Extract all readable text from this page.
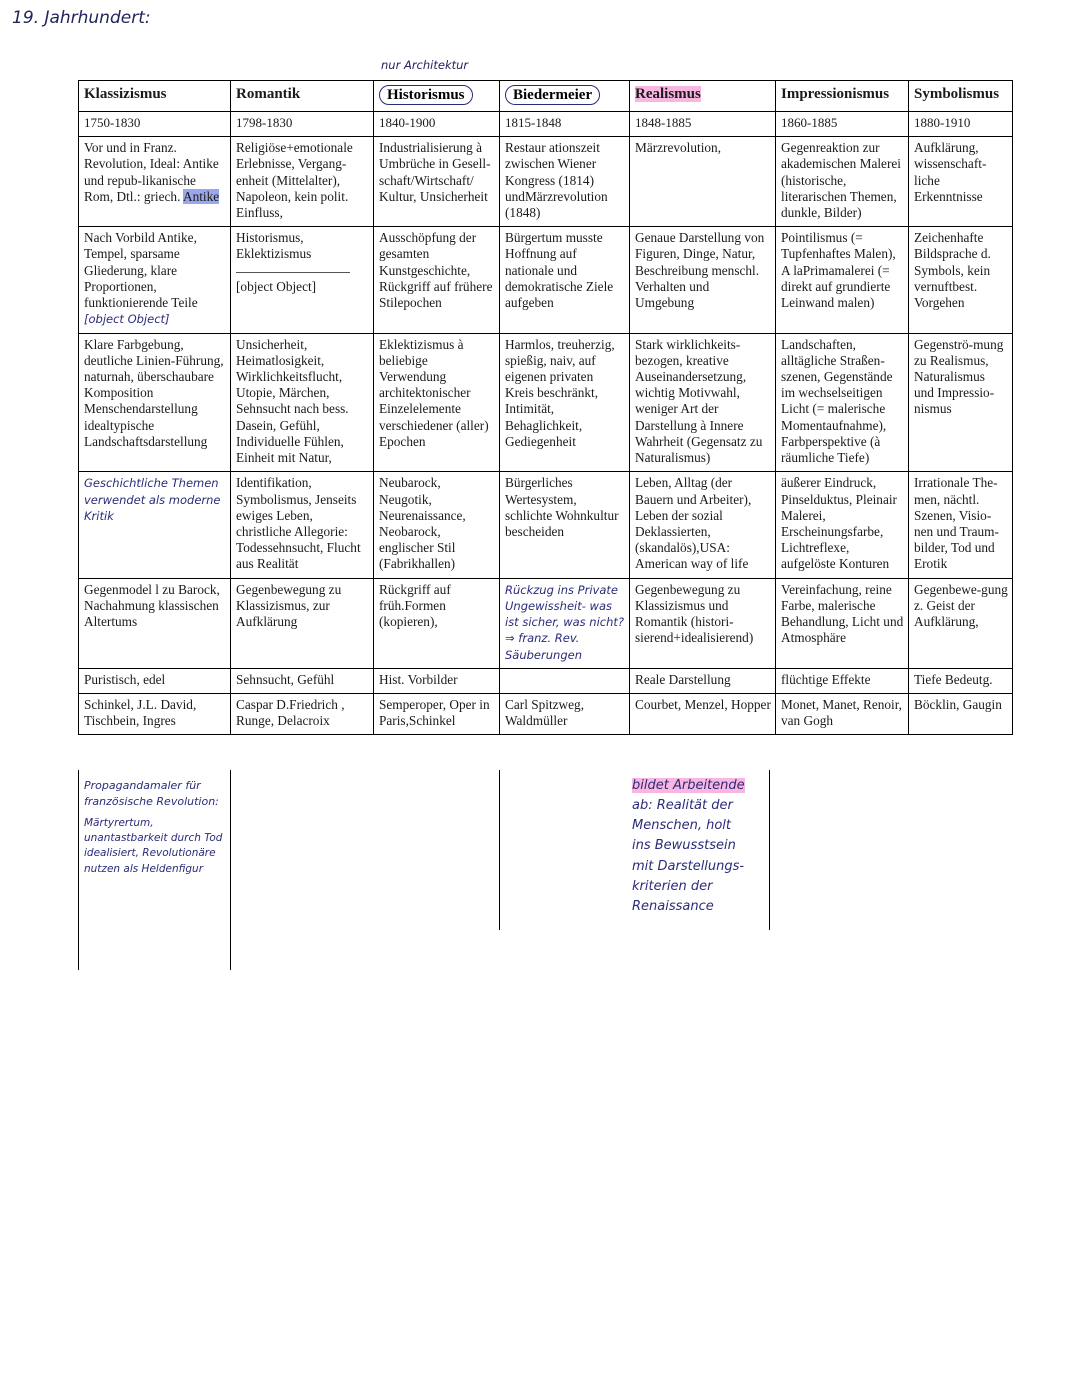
19. Jahrhundert:
nur Architektur
Klassizismus	Romantik	Historismus	Biedermeier	Realismus	Impressionismus	Symbolismus
1750-1830	1798-1830	1840-1900	1815-1848	1848-1885	1860-1885	1880-1910
Vor und in Franz. Revolution, Ideal: Antike und repub-likanische Rom, Dtl.: griech. Antike	Religiöse+emotionale Erlebnisse, Vergang-enheit (Mittelalter), Napoleon, kein polit. Einfluss,	Industrialisierung à Umbrüche in Gesell-schaft/Wirtschaft/ Kultur, Unsicherheit	Restaur ationszeit zwischen Wiener Kongress (1814) undMärzrevolution (1848)	Märzrevolution,	Gegenreaktion zur akademischen Malerei (historische, literarischen Themen, dunkle, Bilder)	Aufklärung, wissenschaft-liche Erkenntnisse
Nach Vorbild Antike, Tempel, sparsame Gliederung, klare Proportionen, funktionierende Teile [object Object]	Historismus, Eklektizismus  [object Object]	Ausschöpfung der gesamten Kunstgeschichte, Rückgriff auf frühere Stilepochen	Bürgertum musste Hoffnung auf nationale und demokratische Ziele aufgeben	Genaue Darstellung von Figuren, Dinge, Natur, Beschreibung menschl. Verhalten und Umgebung	Pointilismus (= Tupfenhaftes Malen), A laPrimamalerei (= direkt auf grundierte Leinwand malen)	Zeichenhafte Bildsprache d. Symbols, kein vernuftbest. Vorgehen
Klare Farbgebung, deutliche Linien-Führung, naturnah, überschaubare Komposition Menschendarstellung idealtypische Landschaftsdarstellung	Unsicherheit, Heimatlosigkeit, Wirklichkeitsflucht, Utopie, Märchen, Sehnsucht nach bess. Dasein, Gefühl, Individuelle Fühlen, Einheit mit Natur,	Eklektizismus à beliebige Verwendung architektonischer Einzelelemente verschiedener (aller) Epochen	Harmlos, treuherzig, spießig, naiv, auf eigenen privaten Kreis beschränkt, Intimität, Behaglichkeit, Gediegenheit	Stark wirklichkeits-bezogen, kreative Auseinandersetzung, wichtig Motivwahl, weniger Art der Darstellung à Innere Wahrheit (Gegensatz zu Naturalismus)	Landschaften, alltägliche Straßen-szenen, Gegenstände im wechselseitigen Licht (= malerische Momentaufnahme), Farbperspektive (à räumliche Tiefe)	Gegenströ-mung zu Realismus, Naturalismus und Impressio-nismus
Geschichtliche Themen verwendet als moderne Kritik	Identifikation, Symbolismus, Jenseits ewiges Leben, christliche Allegorie: Todessehnsucht, Flucht aus Realität	Neubarock, Neugotik, Neurenaissance, Neobarock, englischer Stil (Fabrikhallen)	Bürgerliches Wertesystem, schlichte Wohnkultur bescheiden	Leben, Alltag (der Bauern und Arbeiter), Leben der sozial Deklassierten, (skandalös),USA: American way of life	äußerer Eindruck, Pinselduktus, Pleinair Malerei, Erscheinungsfarbe, Lichtreflexe, aufgelöste Konturen	Irrationale The-men, nächtl. Szenen, Visio-nen und Traum-bilder, Tod und Erotik
Gegenmodel l zu Barock, Nachahmung klassischen Altertums	Gegenbewegung zu Klassizismus, zur Aufklärung	Rückgriff auf früh.Formen (kopieren),	Rückzug ins Private Ungewissheit- was ist sicher, was nicht? ⇒ franz. Rev. Säuberungen	Gegenbewegung zu Klassizismus und Romantik (histori-sierend+idealisierend)	Vereinfachung, reine Farbe, malerische Behandlung, Licht und Atmosphäre	Gegenbewe-gung z. Geist der Aufklärung,
Puristisch, edel	Sehnsucht, Gefühl	Hist. Vorbilder		Reale Darstellung	flüchtige Effekte	Tiefe Bedeutg.
Schinkel, J.L. David, Tischbein, Ingres	Caspar D.Friedrich , Runge, Delacroix	Semperoper, Oper in Paris,Schinkel	Carl Spitzweg, Waldmüller	Courbet, Menzel, Hopper	Monet, Manet, Renoir, van Gogh	Böcklin, Gaugin
Propagandamaler für
französische Revolution:
Märtyrertum,
unantastbarkeit durch Tod
idealisiert, Revolutionäre
nutzen als Heldenfigur
bildet Arbeitende
ab: Realität der
Menschen, holt
ins Bewusstsein
mit Darstellungs-
kriterien der
Renaissance
